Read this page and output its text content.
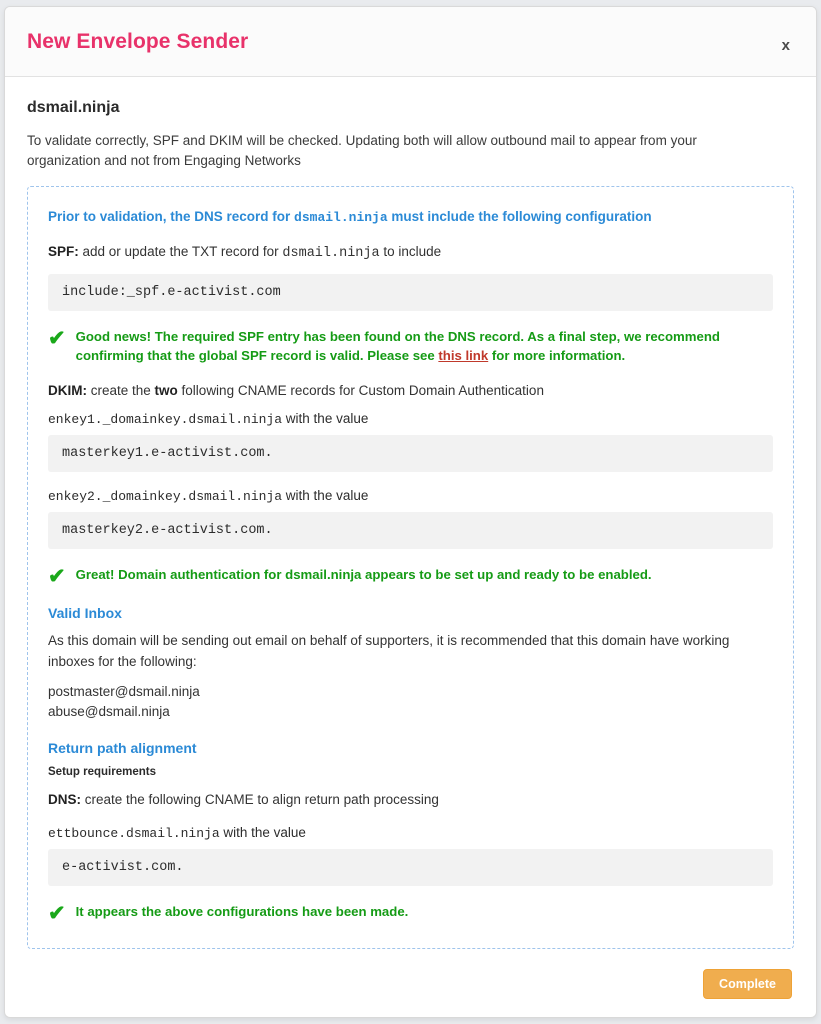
New Envelope Sender	x
dsmail.ninja
To validate correctly, SPF and DKIM will be checked. Updating both will allow outbound mail to appear from your organization and not from Engaging Networks
Prior to validation, the DNS record for dsmail.ninja must include the following configuration
SPF: add or update the TXT record for dsmail.ninja to include
include:_spf.e-activist.com
✔ Good news! The required SPF entry has been found on the DNS record. As a final step, we recommend confirming that the global SPF record is valid. Please see this link for more information.
DKIM: create the two following CNAME records for Custom Domain Authentication
enkey1._domainkey.dsmail.ninja with the value
masterkey1.e-activist.com.
enkey2._domainkey.dsmail.ninja with the value
masterkey2.e-activist.com.
✔ Great! Domain authentication for dsmail.ninja appears to be set up and ready to be enabled.
Valid Inbox
As this domain will be sending out email on behalf of supporters, it is recommended that this domain have working inboxes for the following:
postmaster@dsmail.ninja
abuse@dsmail.ninja
Return path alignment
Setup requirements
DNS: create the following CNAME to align return path processing
ettbounce.dsmail.ninja with the value
e-activist.com.
✔ It appears the above configurations have been made.
Complete
